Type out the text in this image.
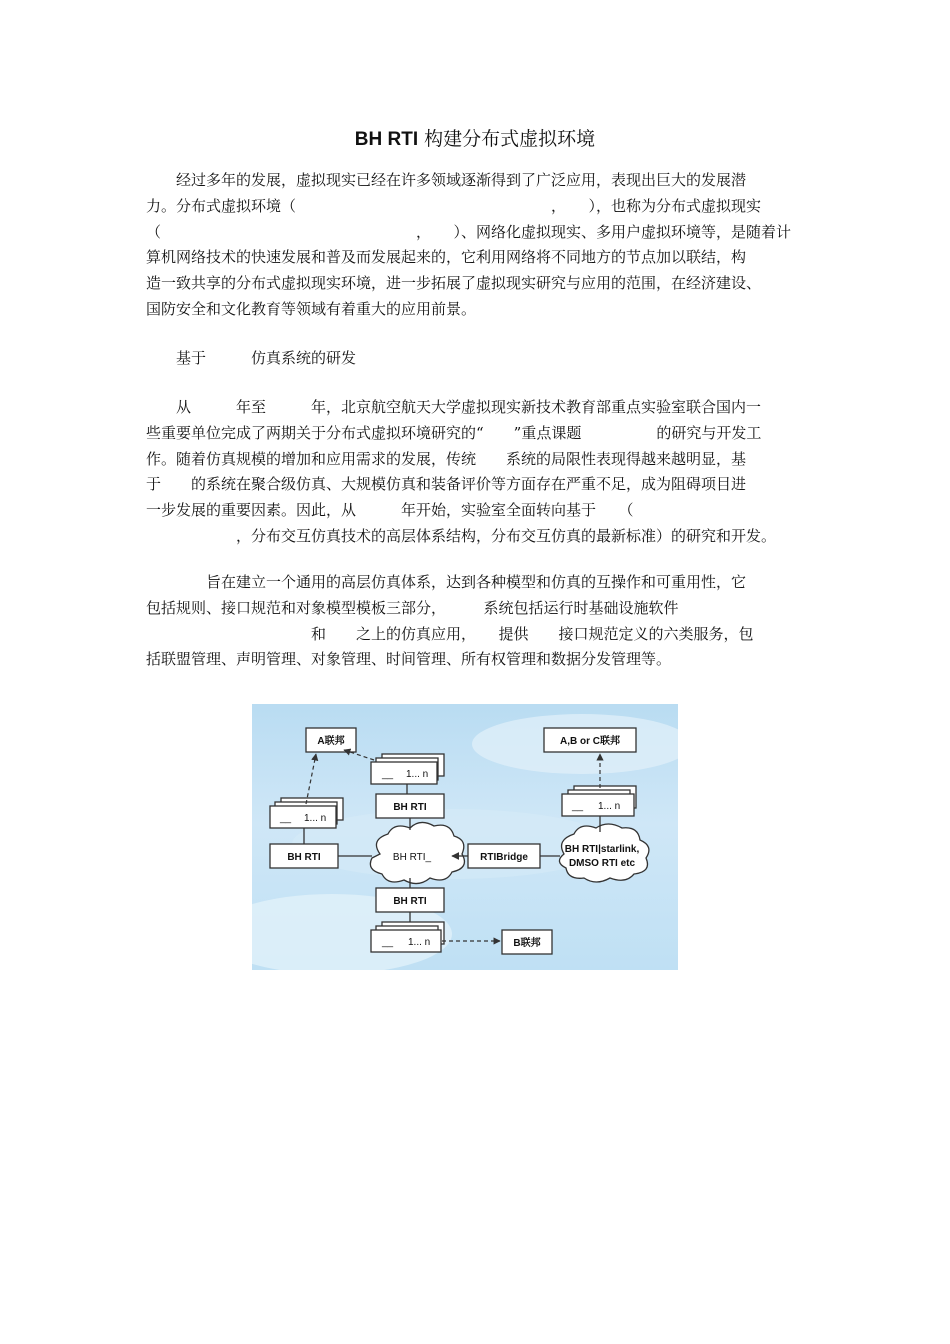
BH RTI 构建分布式虚拟环境
　　经过多年的发展，虚拟现实已经在许多领域逐渐得到了广泛应用，表现出巨大的发展潜
力。分布式虚拟环境（　　　　　　　　　　　　　　　　　，　　），也称为分布式虚拟现实
（　　　　　　　　　　　　　　　　　，　　）、网络化虚拟现实、多用户虚拟环境等，是随着计
算机网络技术的快速发展和普及而发展起来的，它利用网络将不同地方的节点加以联结，构
造一致共享的分布式虚拟现实环境，进一步拓展了虚拟现实研究与应用的范围，在经济建设、
国防安全和文化教育等领域有着重大的应用前景。
　　基于　　　仿真系统的研发
　　从　　　年至　　　年，北京航空航天大学虚拟现实新技术教育部重点实验室联合国内一
些重要单位完成了两期关于分布式虚拟环境研究的“　　”重点课题　　　　　的研究与开发工
作。随着仿真规模的增加和应用需求的发展，传统　　系统的局限性表现得越来越明显，基
于　　的系统在聚合级仿真、大规模仿真和装备评价等方面存在严重不足，成为阻碍项目进
一步发展的重要因素。因此，从　　　年开始，实验室全面转向基于　　（
　　　　　　，分布交互仿真技术的高层体系结构，分布交互仿真的最新标准）的研究和开发。
　　　　旨在建立一个通用的高层仿真体系，达到各种模型和仿真的互操作和可重用性，它
包括规则、接口规范和对象模型模板三部分，　　　系统包括运行时基础设施软件
　　　　　　　　　　　和　　之上的仿真应用，　　提供　　接口规范定义的六类服务，包
括联盟管理、声明管理、对象管理、时间管理、所有权管理和数据分发管理等。
A联邦	A,B or C联邦
__ 1... n
__ 1... n
__ 1... n
BH RTI
BH RTI	BH RTI_	RTIBridge
BH RTI|starlink,
DMSO RTI etc
BH RTI
__ 1... n	B联邦
